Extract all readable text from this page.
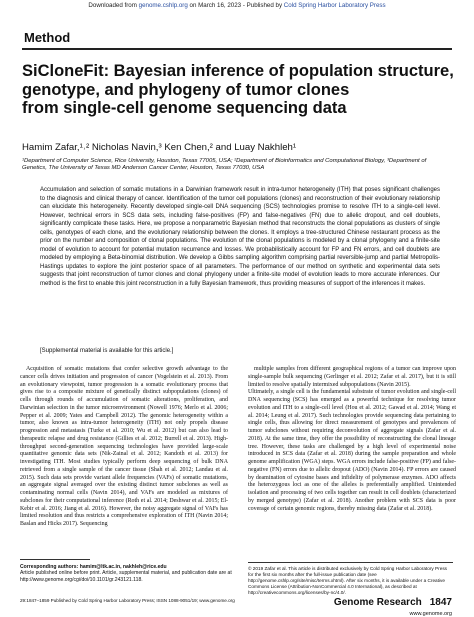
Downloaded from genome.cshlp.org on March 16, 2023 - Published by Cold Spring Harbor Laboratory Press
Method
SiCloneFit: Bayesian inference of population structure,
genotype, and phylogeny of tumor clones
from single-cell genome sequencing data
Hamim Zafar,¹˒² Nicholas Navin,³ Ken Chen,² and Luay Nakhleh¹
¹Department of Computer Science, Rice University, Houston, Texas 77005, USA; ²Department of Bioinformatics and Computational Biology, ³Department of Genetics, The University of Texas MD Anderson Cancer Center, Houston, Texas 77030, USA

Accumulation and selection of somatic mutations in a Darwinian framework result in intra-tumor heterogeneity (ITH) that poses significant challenges to the diagnosis and clinical therapy of cancer. Identification of the tumor cell populations (clones) and reconstruction of their evolutionary relationship can elucidate this heterogeneity. Recently developed single-cell DNA sequencing (SCS) technologies promise to resolve ITH to a single-cell level. However, technical errors in SCS data sets, including false-positives (FP) and false-negatives (FN) due to allelic dropout, and cell doublets, significantly complicate these tasks. Here, we propose a nonparametric Bayesian method that reconstructs the clonal populations as clusters of single cells, genotypes of each clone, and the evolutionary relationship between the clones. It employs a tree-structured Chinese restaurant process as the prior on the number and composition of clonal populations. The evolution of the clonal populations is modeled by a clonal phylogeny and a finite-site model of evolution to account for potential mutation recurrence and losses. We probabilistically account for FP and FN errors, and cell doublets are modeled by employing a Beta-binomial distribution. We develop a Gibbs sampling algorithm comprising partial reversible-jump and partial Metropolis-Hastings updates to explore the joint posterior space of all parameters. The performance of our method on synthetic and experimental data sets suggests that joint reconstruction of tumor clones and clonal phylogeny under a finite-site model of evolution leads to more accurate inferences. Our method is the first to enable this joint reconstruction in a fully Bayesian framework, thus providing measures of support of the inferences it makes.

[Supplemental material is available for this article.]

Acquisition of somatic mutations that confer selective growth advantage to the cancer cells drives initiation and progression of cancer (Vogelstein et al. 2013). From an evolutionary viewpoint, tumor progression is a somatic evolutionary process that gives rise to a composite mixture of genetically distinct subpopulations (clones) of cells through rounds of accumulation of somatic alterations, proliferation, and Darwinian selection in the tumor microenvironment (Nowell 1976; Merlo et al. 2006; Pepper et al. 2009; Yates and Campbell 2012). The genomic heterogeneity within a tumor, also known as intra-tumor heterogeneity (ITH) not only propels disease progression and metastasis (Turke et al. 2010; Wu et al. 2012) but can also lead to therapeutic relapse and drug resistance (Gillies et al. 2012; Burrell et al. 2013). High-throughput second-generation sequencing technologies have provided large-scale quantitative genomic data sets (Nik-Zainal et al. 2012; Kandoth et al. 2013) for investigating ITH. Most studies typically perform deep sequencing of bulk DNA retrieved from a single sample of the cancer tissue (Shah et al. 2012; Landau et al. 2015). Such data sets provide variant allele frequencies (VAFs) of somatic mutations, an aggregate signal averaged over the existing distinct tumor subclones as well as contaminating normal cells (Navin 2014), and VAFs are modeled as mixtures of subclones for their computational inference (Roth et al. 2014; Deshwar et al. 2015; El-Kebir et al. 2016; Jiang et al. 2016). However, the noisy aggregate signal of VAFs has limited resolution and thus restricts a comprehensive exploration of ITH (Navin 2014; Baslan and Hicks 2017). Sequencing

Corresponding authors: hamim@ltk.ac.in, nakhleh@rice.edu
Article published online before print. Article, supplemental material, and publication date are at http://www.genome.org/cgi/doi/10.1101/gr.243121.118.

multiple samples from different geographical regions of a tumor can improve upon single-sample bulk sequencing (Gerlinger et al. 2012; Zafar et al. 2017), but it is still limited to resolve spatially intermixed subpopulations (Navin 2015).
Ultimately, a single cell is the fundamental substrate of tumor evolution and single-cell DNA sequencing (SCS) has emerged as a powerful technique for resolving tumor evolution and ITH to a single-cell level (Hou et al. 2012; Gawad et al. 2014; Wang et al. 2014; Leung et al. 2017). Such technologies provide sequencing data pertaining to single cells, thus allowing for direct measurement of genotypes and prevalences of tumor subclones without requiring deconvolution of aggregate signals (Zafar et al. 2018). At the same time, they offer the possibility of reconstructing the clonal lineage tree. However, these tasks are challenged by a high level of experimental noise introduced in SCS data (Zafar et al. 2018) during the sample preparation and whole genome amplification (WGA) steps. WGA errors include false-positive (FP) and false-negative (FN) errors due to allelic dropout (ADO) (Navin 2014). FP errors are caused by deamination of cytosine bases and infidelity of polymerase enzymes. ADO affects the heterozygous loci as one of the alleles is preferentially amplified. Unintended isolation and processing of two cells together can result in cell doublets (characterized by merged genotype) (Zafar et al. 2018). Another problem with SCS data is poor coverage of certain genomic regions, thereby missing data (Zafar et al. 2018).

© 2019 Zafar et al. This article is distributed exclusively by Cold Spring Harbor Laboratory Press for the first six months after the full-issue publication date (see http://genome.cshlp.org/site/misc/terms.xhtml). After six months, it is available under a Creative Commons License (Attribution-NonCommercial 4.0 International), as described at http://creativecommons.org/licenses/by-nc/4.0/.
29:1847–1859 Published by Cold Spring Harbor Laboratory Press; ISSN 1088-9051/19; www.genome.org	Genome Research 1847
www.genome.org
